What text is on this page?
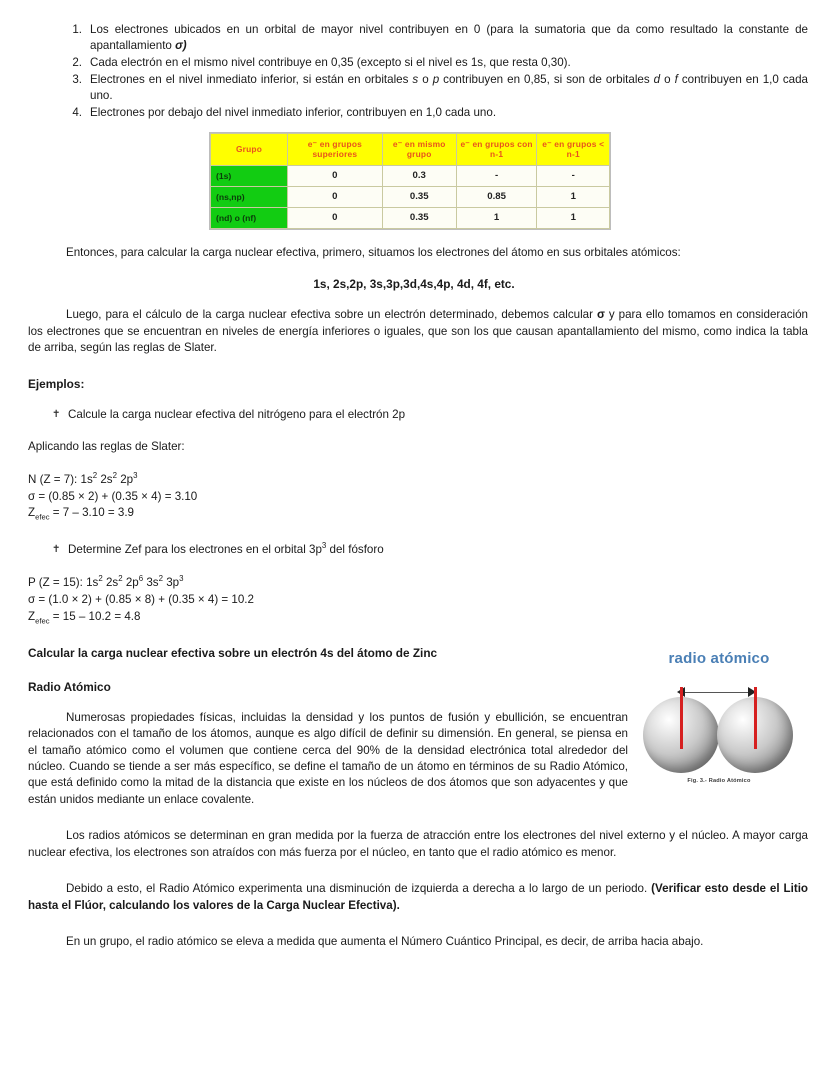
1. Los electrones ubicados en un orbital de mayor nivel contribuyen en 0 (para la sumatoria que da como resultado la constante de apantallamiento σ)
2. Cada electrón en el mismo nivel contribuye en 0,35 (excepto si el nivel es 1s, que resta 0,30).
3. Electrones en el nivel inmediato inferior, si están en orbitales s o p contribuyen en 0,85, si son de orbitales d o f contribuyen en 1,0 cada uno.
4. Electrones por debajo del nivel inmediato inferior, contribuyen en 1,0 cada uno.
Grupo	e⁻ en grupos superiores	e⁻ en mismo grupo	e⁻ en grupos con n-1	e⁻ en grupos < n-1
(1s)	0	0.3	-	-
(ns,np)	0	0.35	0.85	1
(nd) o (nf)	0	0.35	1	1

Entonces, para calcular la carga nuclear efectiva, primero, situamos los electrones del átomo en sus orbitales atómicos:

1s, 2s,2p, 3s,3p,3d,4s,4p, 4d, 4f, etc.

Luego, para el cálculo de la carga nuclear efectiva sobre un electrón determinado, debemos calcular σ y para ello tomamos en consideración los electrones que se encuentran en niveles de energía inferiores o iguales, que son los que causan apantallamiento del mismo, como indica la tabla de arriba, según las reglas de Slater.

Ejemplos:
✝ Calcule la carga nuclear efectiva del nitrógeno para el electrón 2p

Aplicando las reglas de Slater:

N (Z = 7): $1s^2$ $2s^2$ $2p^3$
σ = (0.85 × 2) + (0.35 × 4) = 3.10
$Z_{efec} = 7 - 3.10 = 3.9$
✝ Determine Zef para los electrones en el orbital $3p^3$ del fósforo
P (Z = 15): $1s^2$ $2s^2$ $2p^6$ $3s^2$ $3p^3$
σ = (1.0 × 2) + (0.85 × 8) + (0.35 × 4) = 10.2
$Z_{efec} = 15 - 10.2 = 4.8$
Calcular la carga nuclear efectiva sobre un electrón 4s del átomo de Zinc
Radio Atómico

Numerosas propiedades físicas, incluidas la densidad y los puntos de fusión y ebullición, se encuentran relacionados con el tamaño de los átomos, aunque es algo difícil de definir su dimensión. En general, se piensa en el tamaño atómico como el volumen que contiene cerca del 90% de la densidad electrónica total alrededor del núcleo. Cuando se tiende a ser más específico, se define el tamaño de un átomo en términos de su Radio Atómico, que está definido como la mitad de la distancia que existe en los núcleos de dos átomos que son adyacentes y que están unidos mediante un enlace covalente.

Los radios atómicos se determinan en gran medida por la fuerza de atracción entre los electrones del nivel externo y el núcleo. A mayor carga nuclear efectiva, los electrones son atraídos con más fuerza por el núcleo, en tanto que el radio atómico es menor.

Debido a esto, el Radio Atómico experimenta una disminución de izquierda a derecha a lo largo de un periodo. (Verificar esto desde el Litio hasta el Flúor, calculando los valores de la Carga Nuclear Efectiva).

En un grupo, el radio atómico se eleva a medida que aumenta el Número Cuántico Principal, es decir, de arriba hacia abajo.

radio atómico
Fig. 3.- Radio Atómico
